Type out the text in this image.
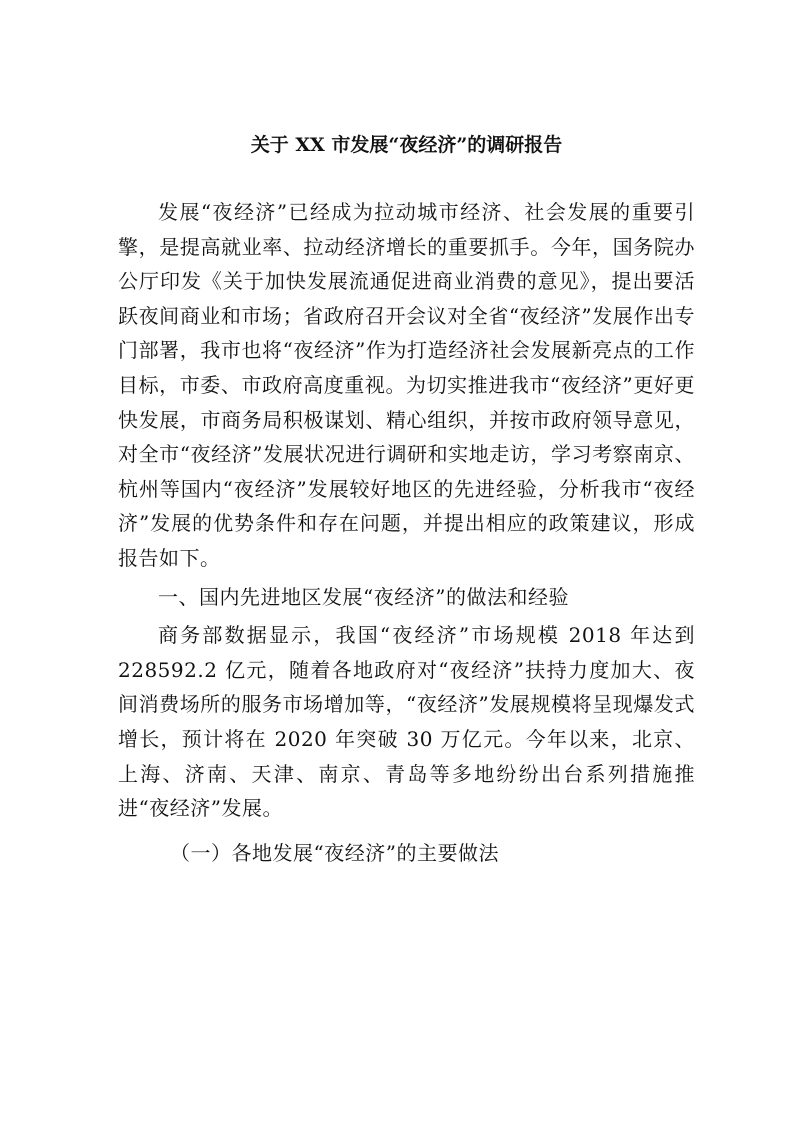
关于 XX 市发展“夜经济”的调研报告

发展“夜经济”已经成为拉动城市经济、社会发展的重要引擎，是提高就业率、拉动经济增长的重要抓手。今年，国务院办公厅印发《关于加快发展流通促进商业消费的意见》，提出要活跃夜间商业和市场；省政府召开会议对全省“夜经济”发展作出专门部署，我市也将“夜经济”作为打造经济社会发展新亮点的工作目标，市委、市政府高度重视。为切实推进我市“夜经济”更好更快发展，市商务局积极谋划、精心组织，并按市政府领导意见，对全市“夜经济”发展状况进行调研和实地走访，学习考察南京、杭州等国内“夜经济”发展较好地区的先进经验，分析我市“夜经济”发展的优势条件和存在问题，并提出相应的政策建议，形成报告如下。

一、国内先进地区发展“夜经济”的做法和经验

商务部数据显示，我国“夜经济”市场规模 2018 年达到 228592.2 亿元，随着各地政府对“夜经济”扶持力度加大、夜间消费场所的服务市场增加等，“夜经济”发展规模将呈现爆发式增长，预计将在 2020 年突破 30 万亿元。今年以来，北京、上海、济南、天津、南京、青岛等多地纷纷出台系列措施推进“夜经济”发展。

（一）各地发展“夜经济”的主要做法
